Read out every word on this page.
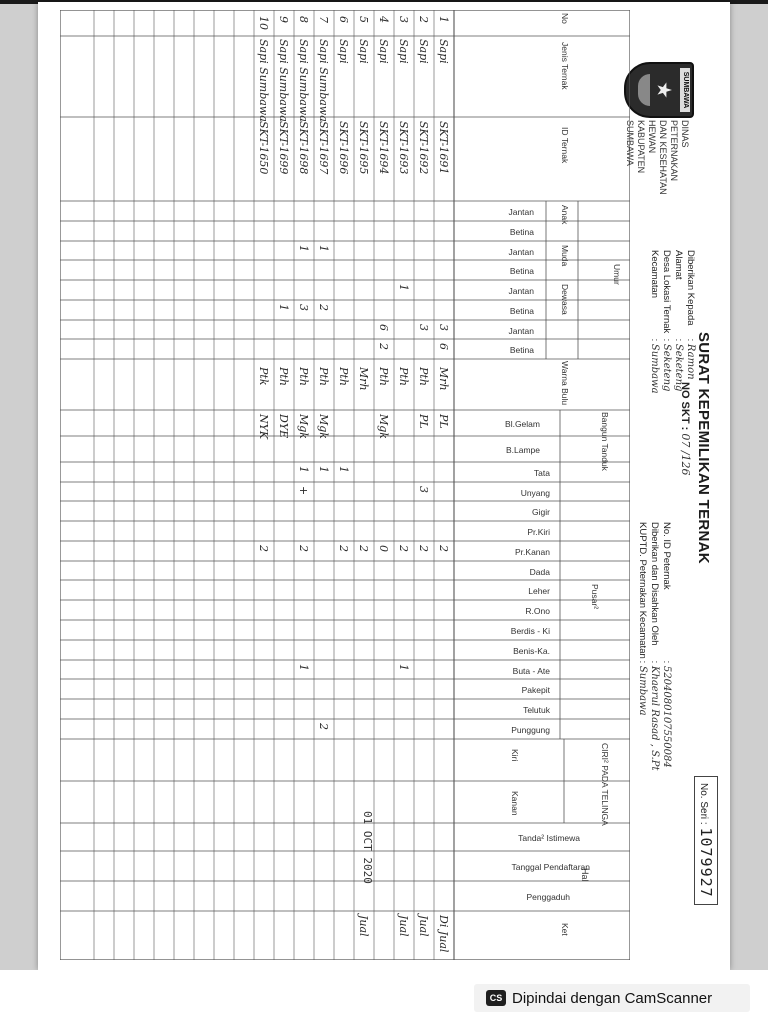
SUMBAWA
DINAS
PETERNAKAN
DAN KESEHATAN
HEWAN
KABUPATEN
SUMBAWA
SURAT KEPEMILIKAN TERNAK
NO SKT : 07 /126
No. Seri : 1079927
Hal
Diberikan Kepada : Ramon
Alamat : Seketeng
Desa Lokasi Ternak : Seketeng
Kecamatan : Sumbawa
No. ID Peternak : 5204080107550084
Diberikan dan Disahkan Oleh : Khaerul Rasad , S.Pt
KUPTD. Peternakan Kecamatan : Sumbawa
No
Jenis Ternak
ID Ternak
Umur
Anak
Muda
Dewasa
Jantan
Betina
Jantan
Betina
Jantan
Betina
Jantan
Betina
Warna Bulu
Bangun Tanduk
Bl.Gelam
B.Lampe
Pusar²
Tata
Unyang
Gigir
Pr.Kiri
Pr.Kanan
Dada
Leher
R.Ono
Berdis - Ki
Benis-Ka.
Buta - Ate
Pakepit
Telutuk
Punggung
CIRI² PADA TELINGA
Kiri
Kanan
Tanda² Istimewa
Tanggal Pendaftaran
Penggaduh
Ket
1
Sapi
SKT-1691
3
6
Mrh
PL
2
Di Jual
2
Sapi
SKT-1692
3
Pth
PL
3
2
Jual
3
Sapi
SKT-1693
1
Pth
2
1
Jual
4
Sapi
SKT-1694
6
2
Pth
Mgk
0
5
Sapi
SKT-1695
Mrh
2
Jual
6
Sapi
SKT-1696
Pth
1
2
7
Sapi Sumbawa
SKT-1697
1
2
Pth
Mgk
1
2
8
Sapi Sumbawa
SKT-1698
1
3
Pth
Mgk
1
+
2
1
9
Sapi Sumbawa
SKT-1699
1
Pth
DYE
10
Sapi Sumbawa
SKT-1650
Ptk
NYK
2
01 OCT 2020
CS Dipindai dengan CamScanner
